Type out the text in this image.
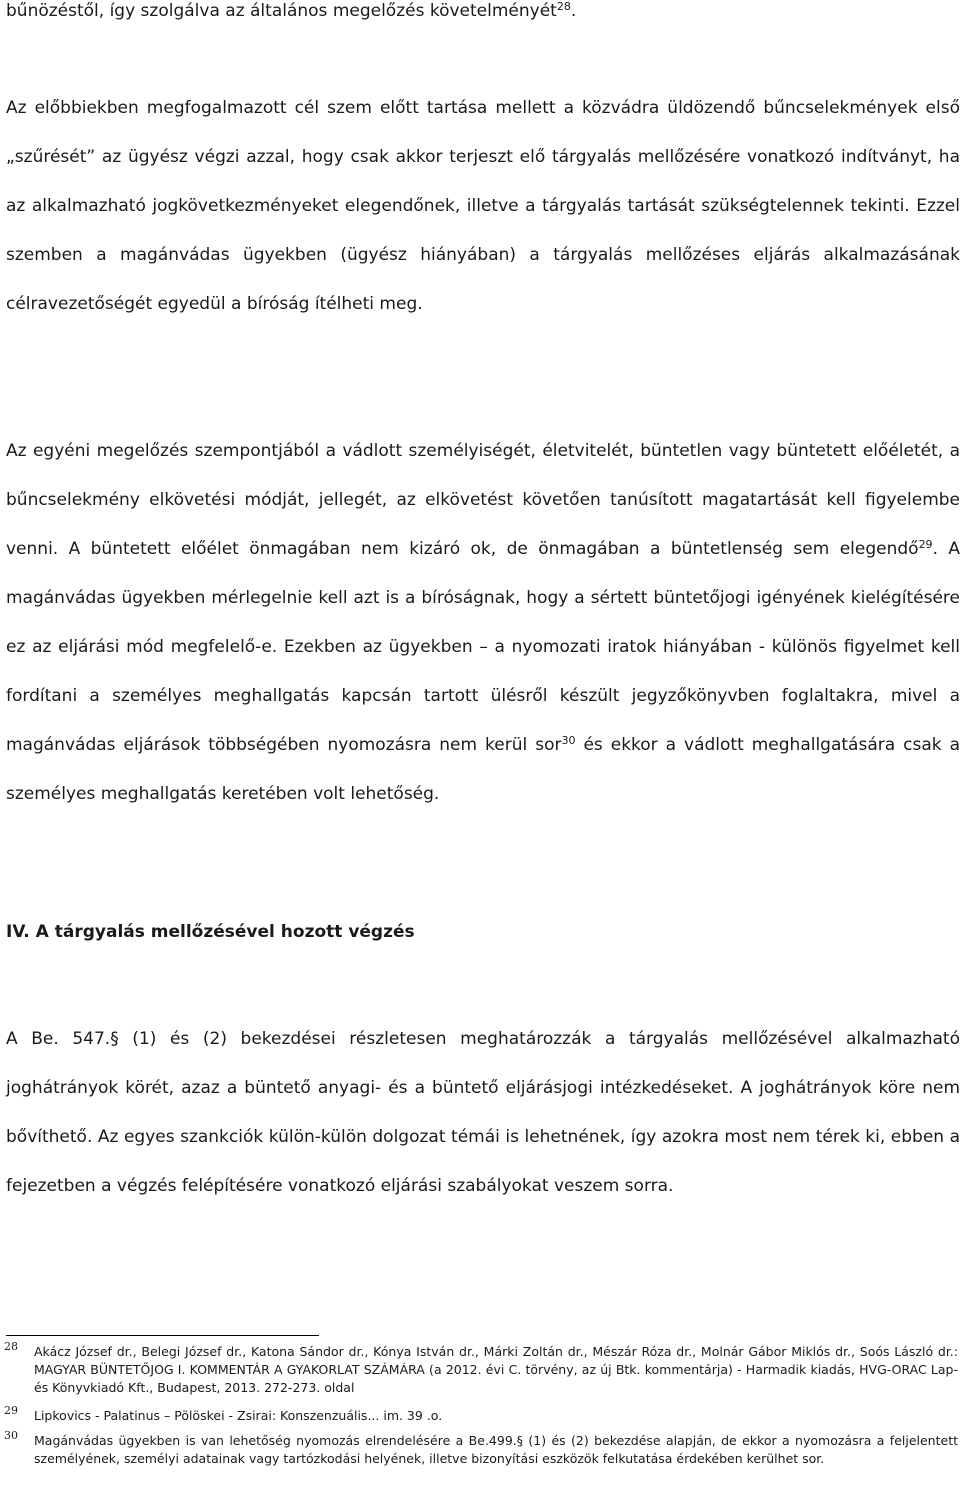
bűnözéstől, így szolgálva az általános megelőzés követelményét$^{28}$.

Az előbbiekben megfogalmazott cél szem előtt tartása mellett a közvádra üldözendő bűncselekmények első „szűrését” az ügyész végzi azzal, hogy csak akkor terjeszt elő tárgyalás mellőzésére vonatkozó indítványt, ha az alkalmazható jogkövetkezményeket elegendőnek, illetve a tárgyalás tartását szükségtelennek tekinti. Ezzel szemben a magánvádas ügyekben (ügyész hiányában) a tárgyalás mellőzéses eljárás alkalmazásának célravezetőségét egyedül a bíróság ítélheti meg.

Az egyéni megelőzés szempontjából a vádlott személyiségét, életvitelét, büntetlen vagy büntetett előéletét, a bűncselekmény elkövetési módját, jellegét, az elkövetést követően tanúsított magatartását kell figyelembe venni. A büntetett előélet önmagában nem kizáró ok, de önmagában a büntetlenség sem elegendő$^{29}$. A magánvádas ügyekben mérlegelnie kell azt is a bíróságnak, hogy a sértett büntetőjogi igényének kielégítésére ez az eljárási mód megfelelő-e. Ezekben az ügyekben – a nyomozati iratok hiányában - különös figyelmet kell fordítani a személyes meghallgatás kapcsán tartott ülésről készült jegyzőkönyvben foglaltakra, mivel a magánvádas eljárások többségében nyomozásra nem kerül sor$^{30}$ és ekkor a vádlott meghallgatására csak a személyes meghallgatás keretében volt lehetőség.

A Be. 547.§ (1) és (2) bekezdései részletesen meghatározzák a tárgyalás mellőzésével alkalmazható joghátrányok körét, azaz a büntető anyagi- és a büntető eljárásjogi intézkedéseket. A joghátrányok köre nem bővíthető. Az egyes szankciók külön-külön dolgozat témái is lehetnének, így azokra most nem térek ki, ebben a fejezetben a végzés felépítésére vonatkozó eljárási szabályokat veszem sorra.

IV. A tárgyalás mellőzésével hozott végzés
28 Akácz József dr., Belegi József dr., Katona Sándor dr., Kónya István dr., Márki Zoltán dr., Mészár Róza dr., Molnár Gábor Miklós dr., Soós László dr.: MAGYAR BÜNTETŐJOG I. KOMMENTÁR A GYAKORLAT SZÁMÁRA (a 2012. évi C. törvény, az új Btk. kommentárja) - Harmadik kiadás, HVG-ORAC Lap- és Könyvkiadó Kft., Budapest, 2013. 272-273. oldal
29 Lipkovics - Palatinus – Pölöskei - Zsirai: Konszenzuális... im. 39 .o.
30 Magánvádas ügyekben is van lehetőség nyomozás elrendelésére a Be.499.§ (1) és (2) bekezdése alapján, de ekkor a nyomozásra a feljelentett személyének, személyi adatainak vagy tartózkodási helyének, illetve bizonyítási eszközök felkutatása érdekében kerülhet sor.
